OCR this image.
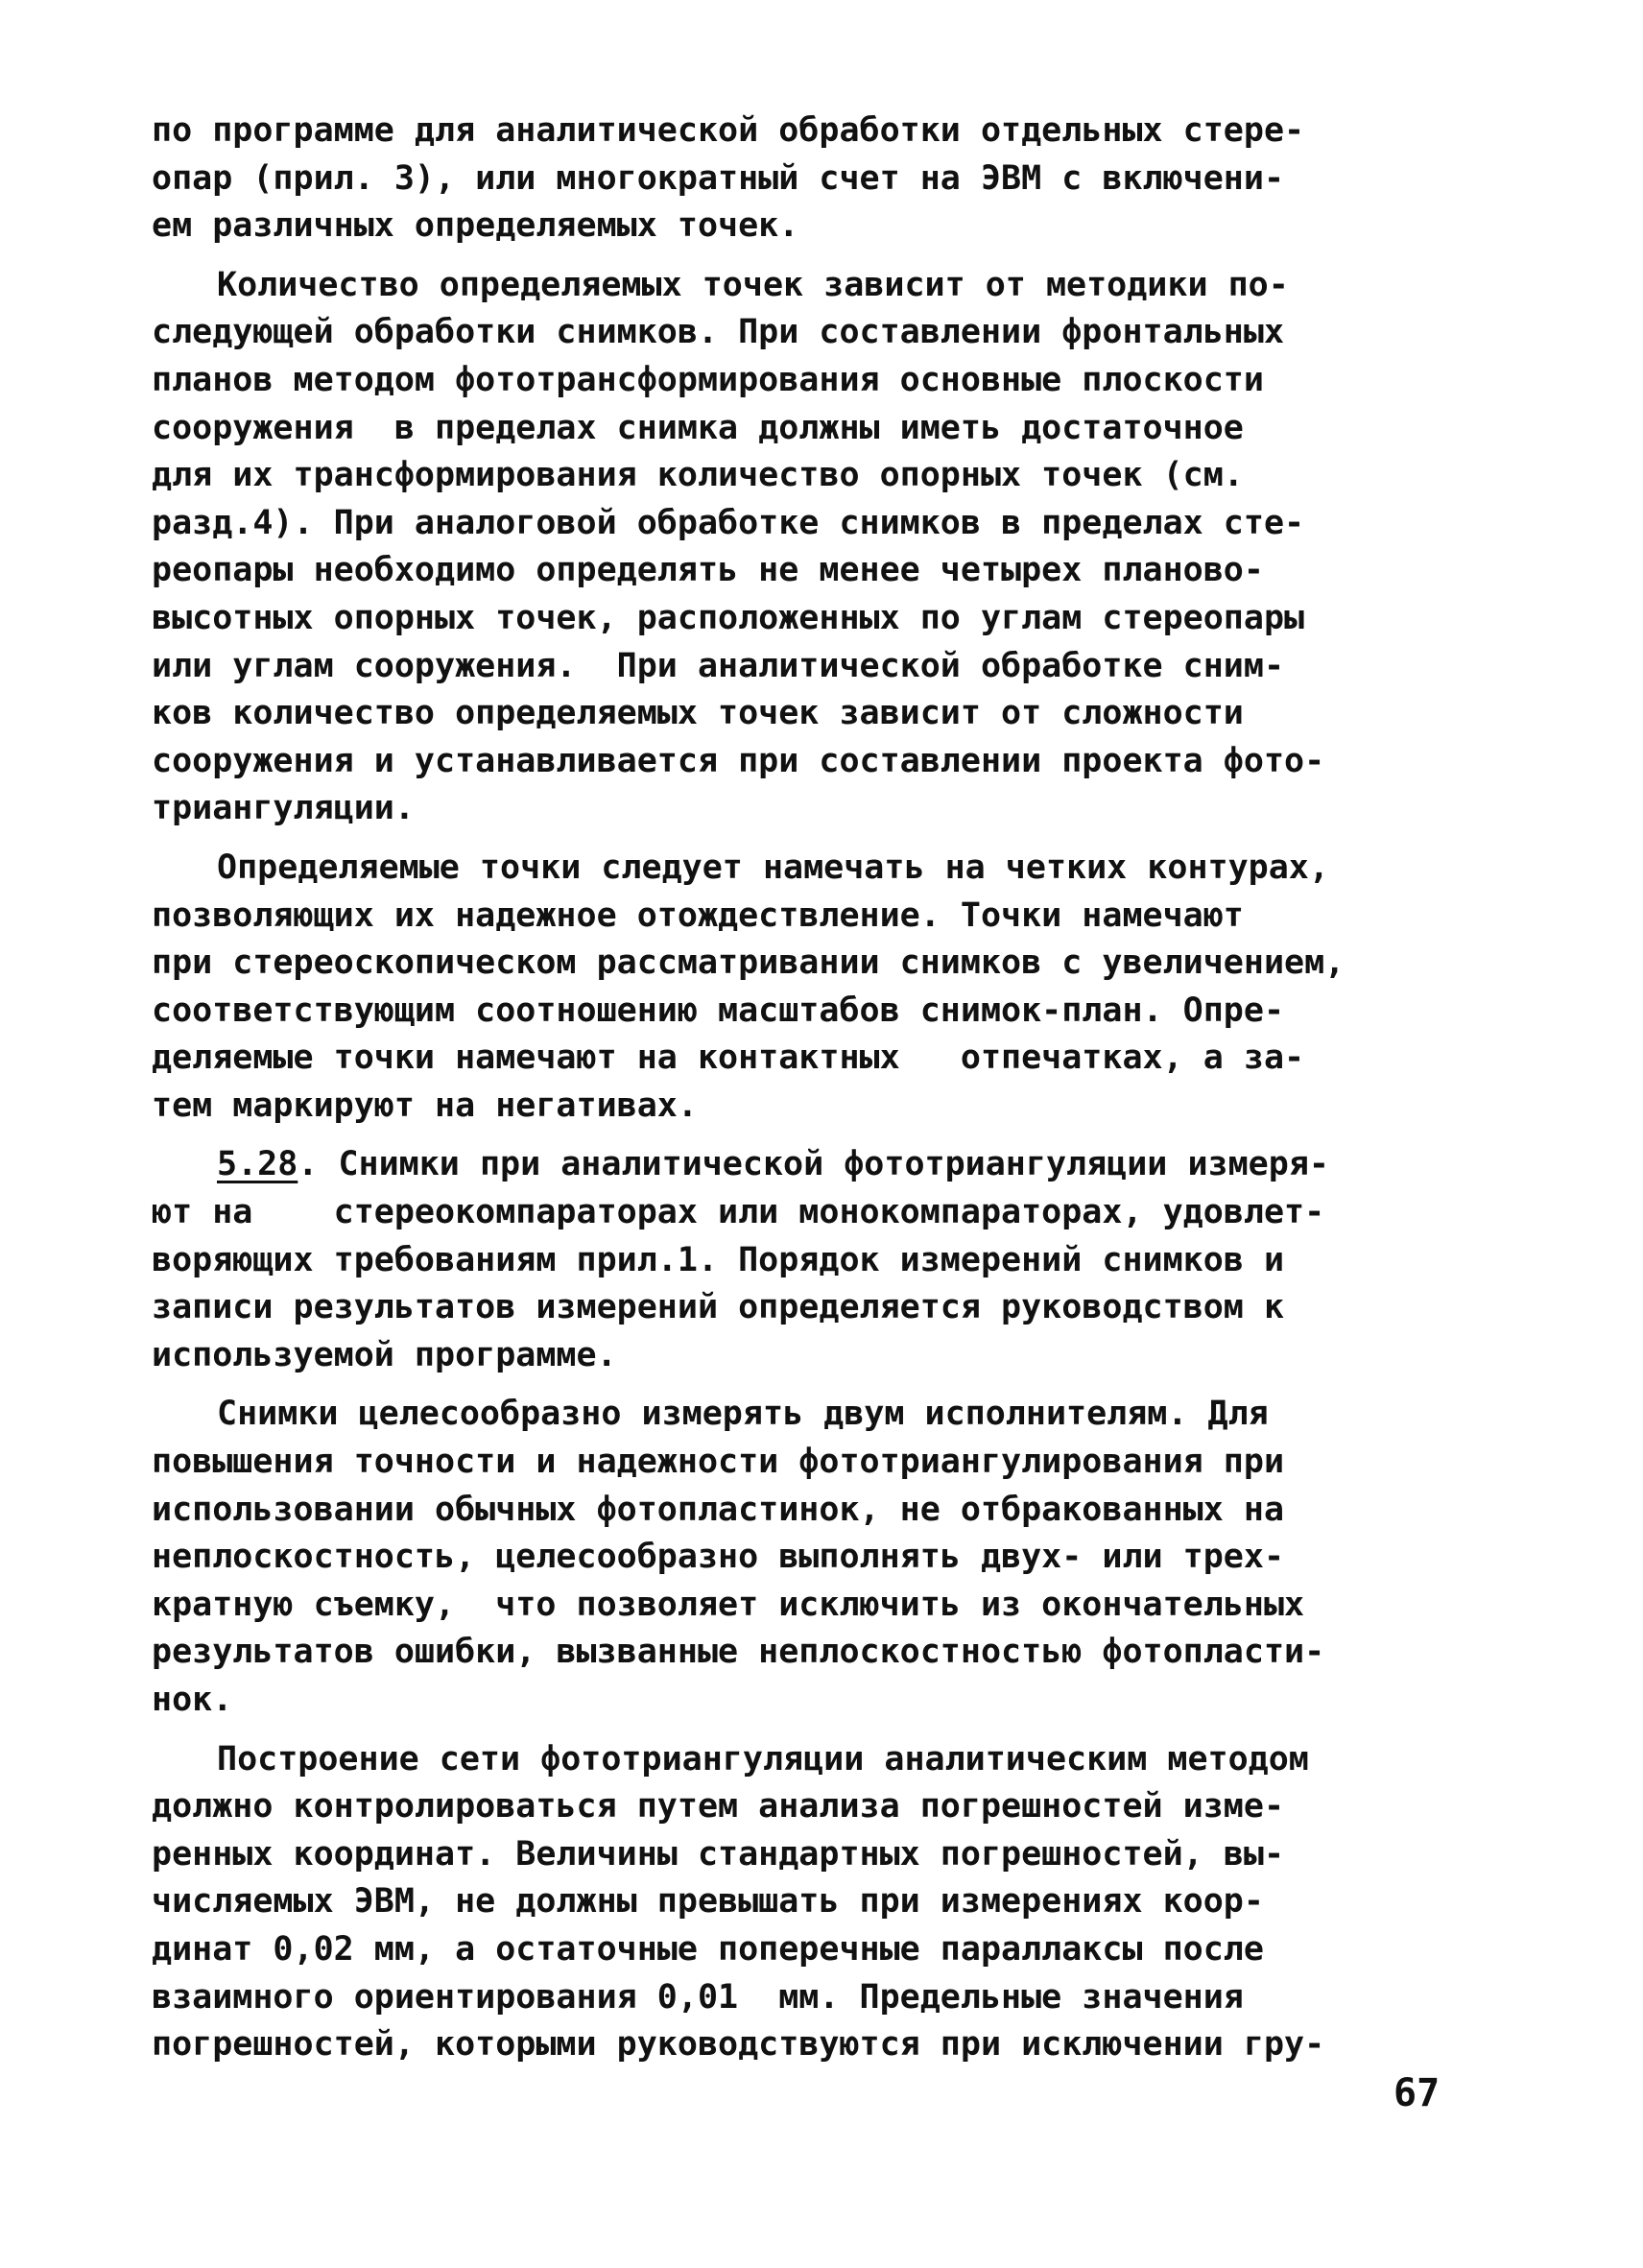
по программе для аналитической обработки отдельных стере-
опар (прил. 3), или многократный счет на ЭВМ с включени-
ем различных определяемых точек.
Количество определяемых точек зависит от методики по-
следующей обработки снимков. При составлении фронтальных
планов методом фототрансформирования основные плоскости
сооружения  в пределах снимка должны иметь достаточное
для их трансформирования количество опорных точек (см.
разд.4). При аналоговой обработке снимков в пределах сте-
реопары необходимо определять не менее четырех планово-
высотных опорных точек, расположенных по углам стереопары
или углам сооружения.  При аналитической обработке сним-
ков количество определяемых точек зависит от сложности
сооружения и устанавливается при составлении проекта фото-
триангуляции.
Определяемые точки следует намечать на четких контурах,
позволяющих их надежное отождествление. Точки намечают
при стереоскопическом рассматривании снимков с увеличением,
соответствующим соотношению масштабов снимок-план. Опре-
деляемые точки намечают на контактных   отпечатках, а за-
тем маркируют на негативах.
5.28. Снимки при аналитической фототриангуляции измеря-
ют на    стереокомпараторах или монокомпараторах, удовлет-
воряющих требованиям прил.1. Порядок измерений снимков и
записи результатов измерений определяется руководством к
используемой программе.
Снимки целесообразно измерять двум исполнителям. Для
повышения точности и надежности фототриангулирования при
использовании обычных фотопластинок, не отбракованных на
неплоскостность, целесообразно выполнять двух- или трех-
кратную съемку,  что позволяет исключить из окончательных
результатов ошибки, вызванные неплоскостностью фотопласти-
нок.
Построение сети фототриангуляции аналитическим методом
должно контролироваться путем анализа погрешностей изме-
ренных координат. Величины стандартных погрешностей, вы-
числяемых ЭВМ, не должны превышать при измерениях коор-
динат 0,02 мм, а остаточные поперечные параллаксы после
взаимного ориентирования 0,01  мм. Предельные значения
погрешностей, которыми руководствуются при исключении гру-
67
